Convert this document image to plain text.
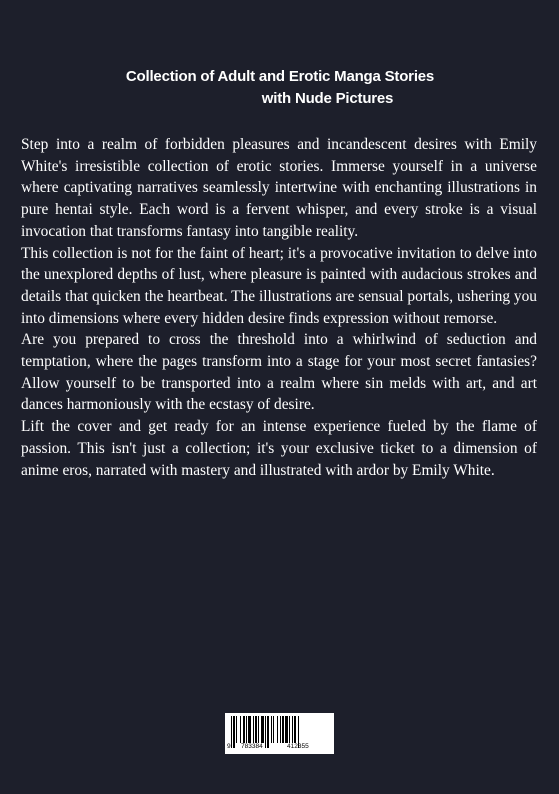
Collection of Adult and Erotic Manga Stories
with Nude Pictures

Step into a realm of forbidden pleasures and incandescent desires with Emily White's irresistible collection of erotic stories. Immerse yourself in a universe where captivating narratives seamlessly intertwine with enchanting illustrations in pure hentai style. Each word is a fervent whisper, and every stroke is a visual invocation that transforms fantasy into tangible reality.

This collection is not for the faint of heart; it's a provocative invitation to delve into the unexplored depths of lust, where pleasure is painted with audacious strokes and details that quicken the heartbeat. The illustrations are sensual portals, ushering you into dimensions where every hidden desire finds expression without remorse.

Are you prepared to cross the threshold into a whirlwind of seduction and temptation, where the pages transform into a stage for your most secret fantasies? Allow yourself to be transported into a realm where sin melds with art, and art dances harmoniously with the ecstasy of desire.

Lift the cover and get ready for an intense experience fueled by the flame of passion. This isn't just a collection; it's your exclusive ticket to a dimension of anime eros, narrated with mastery and illustrated with ardor by Emily White.

9 783384	412355
